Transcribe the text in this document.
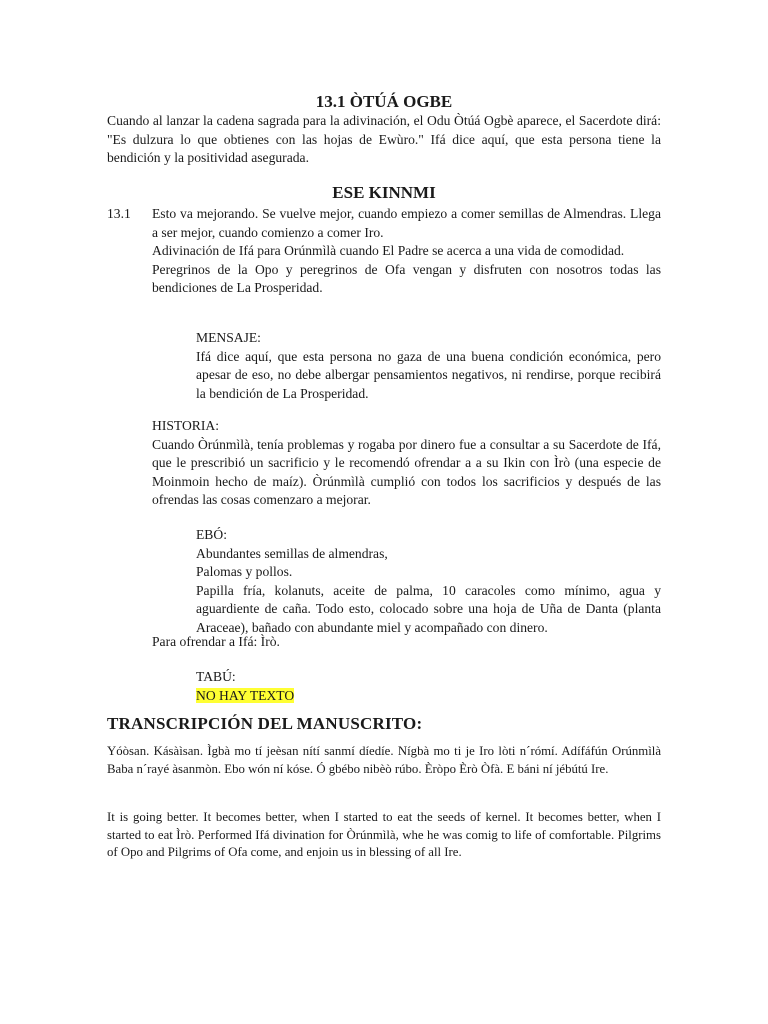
13.1 ÒTÚÁ OGBE

Cuando al lanzar la cadena sagrada para la adivinación, el Odu Òtúá Ogbè aparece, el Sacerdote dirá: "Es dulzura lo que obtienes con las hojas de Ewùro." Ifá dice aquí, que esta persona tiene la bendición y la positividad asegurada.

ESE KINNMI
13.1 Esto va mejorando. Se vuelve mejor, cuando empiezo a comer semillas de Almendras. Llega a ser mejor, cuando comienzo a comer Iro.

Adivinación de Ifá para Orúnmìlà cuando El Padre se acerca a una vida de comodidad.

Peregrinos de la Opo y peregrinos de Ofa vengan y disfruten con nosotros todas las bendiciones de La Prosperidad.

MENSAJE:

Ifá dice aquí, que esta persona no gaza de una buena condición económica, pero apesar de eso, no debe albergar pensamientos negativos, ni rendirse, porque recibirá la bendición de La Prosperidad.

HISTORIA:

Cuando Òrúnmìlà, tenía problemas y rogaba por dinero fue a consultar a su Sacerdote de Ifá, que le prescribió un sacrificio y le recomendó ofrendar a a su Ikin con Ìrò (una especie de Moinmoin hecho de maíz). Òrúnmìlà cumplió con todos los sacrificios y después de las ofrendas las cosas comenzaro a mejorar.

EBÓ:

Abundantes semillas de almendras,

Palomas y pollos.

Papilla fría, kolanuts, aceite de palma, 10 caracoles como mínimo, agua y aguardiente de caña. Todo esto, colocado sobre una hoja de Uña de Danta (planta Araceae), bañado con abundante miel y acompañado con dinero.

Para ofrendar a Ifá: Ìrò.

TABÚ:

NO HAY TEXTO

TRANSCRIPCIÓN DEL MANUSCRITO:

Yóòsan. Kásàìsan. Ìgbà mo tí jeèsan nítí sanmí díedíe. Nígbà mo ti je Iro lòti n´rómí. Adífáfún Orúnmìlà Baba n´rayé àsanmòn. Ebo wón ní kóse. Ó gbébo nibèò rúbo. Èròpo Èrò Òfà. E báni ní jébútú Ire.

It is going better. It becomes better, when I started to eat the seeds of kernel. It becomes better, when I started to eat Ìrò. Performed Ifá divination for Òrúnmìlà, whe he was comig to life of comfortable. Pilgrims of Opo and Pilgrims of Ofa come, and enjoin us in blessing of all Ire.
